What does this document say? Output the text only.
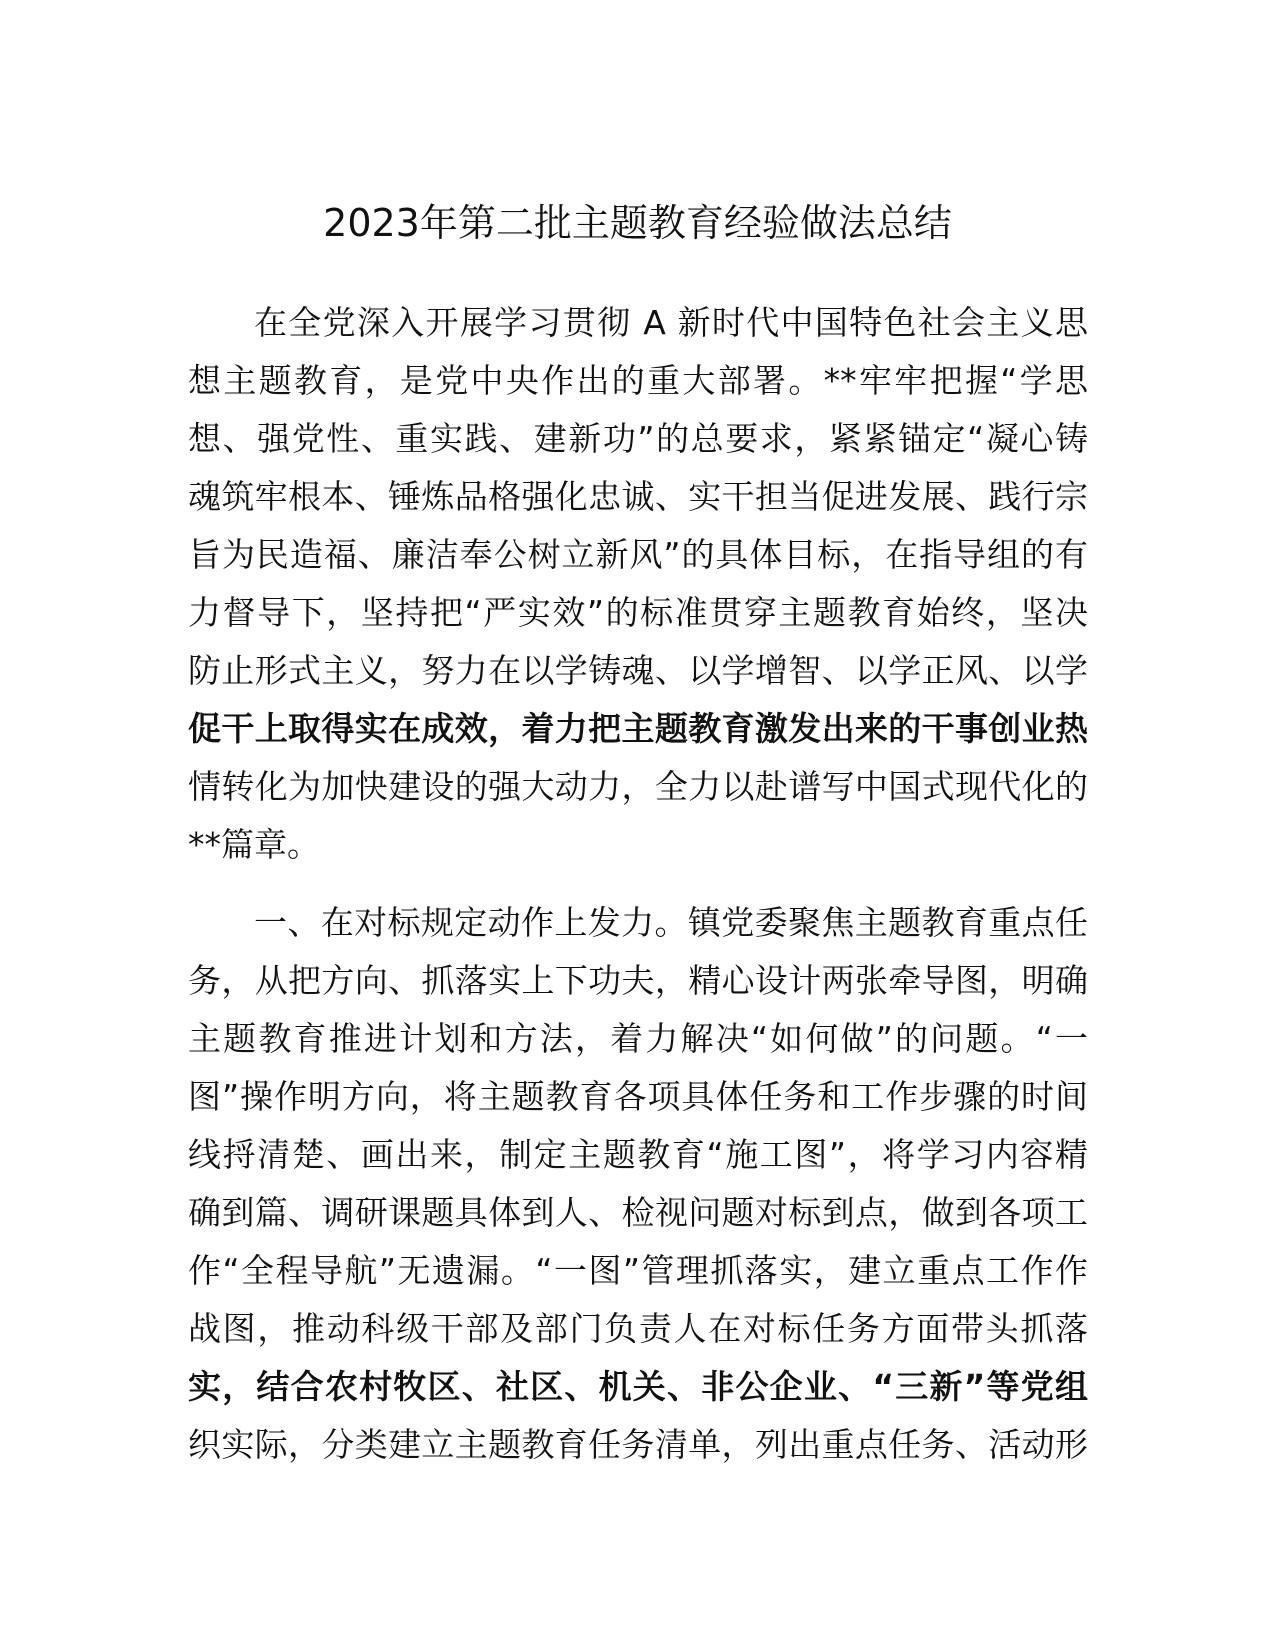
2023年第二批主题教育经验做法总结
在全党深入开展学习贯彻 A 新时代中国特色社会主义思
想主题教育，是党中央作出的重大部署。**牢牢把握“学思
想、强党性、重实践、建新功”的总要求，紧紧锚定“凝心铸
魂筑牢根本、锤炼品格强化忠诚、实干担当促进发展、践行宗
旨为民造福、廉洁奉公树立新风”的具体目标，在指导组的有
力督导下，坚持把“严实效”的标准贯穿主题教育始终，坚决
防止形式主义，努力在以学铸魂、以学增智、以学正风、以学
促干上取得实在成效，着力把主题教育激发出来的干事创业热
情转化为加快建设的强大动力，全力以赴谱写中国式现代化的
**篇章。
一、在对标规定动作上发力。镇党委聚焦主题教育重点任
务，从把方向、抓落实上下功夫，精心设计两张牵导图，明确
主题教育推进计划和方法，着力解决“如何做”的问题。“一
图”操作明方向，将主题教育各项具体任务和工作步骤的时间
线捋清楚、画出来，制定主题教育“施工图”，将学习内容精
确到篇、调研课题具体到人、检视问题对标到点，做到各项工
作“全程导航”无遗漏。“一图”管理抓落实，建立重点工作作
战图，推动科级干部及部门负责人在对标任务方面带头抓落
实，结合农村牧区、社区、机关、非公企业、“三新”等党组
织实际，分类建立主题教育任务清单，列出重点任务、活动形
